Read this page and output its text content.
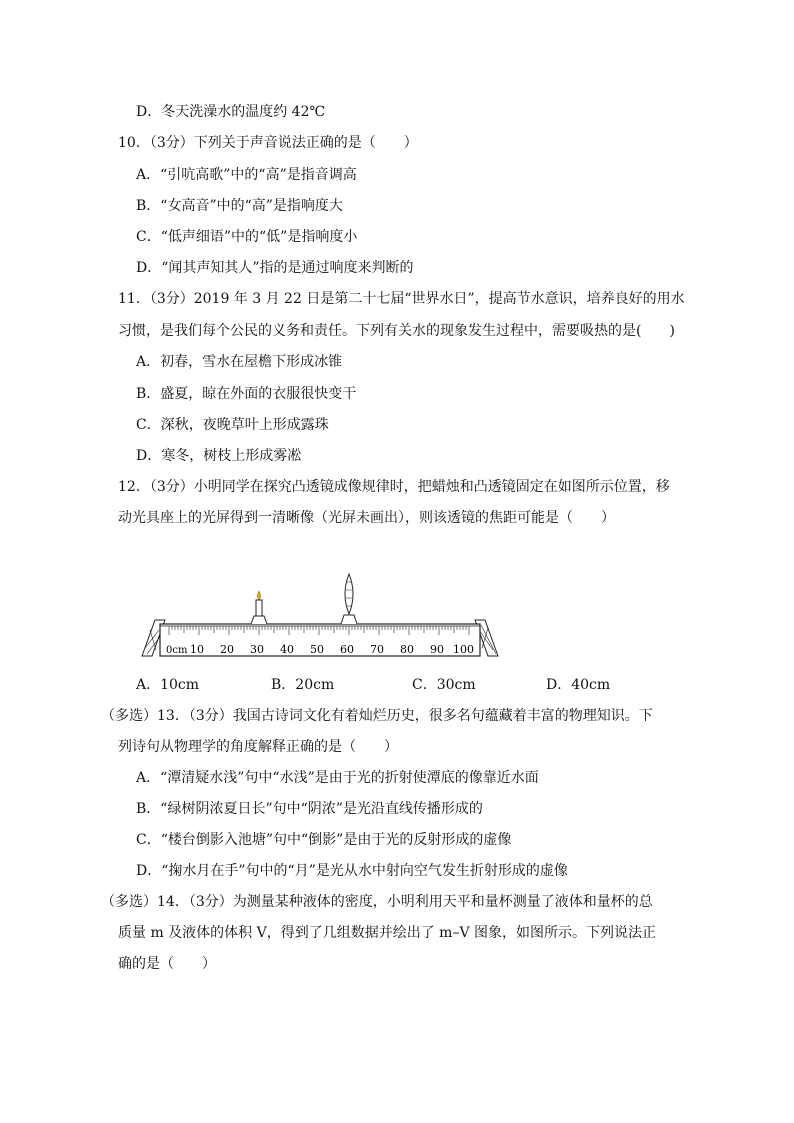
D．冬天洗澡水的温度约 42℃
10．（3分）下列关于声音说法正确的是（　　）
A．“引吭高歌”中的“高”是指音调高
B．“女高音”中的“高”是指响度大
C．“低声细语”中的“低”是指响度小
D．“闻其声知其人”指的是通过响度来判断的
11．（3分）2019 年 3 月 22 日是第二十七届“世界水日”，提高节水意识，培养良好的用水
习惯，是我们每个公民的义务和责任。下列有关水的现象发生过程中，需要吸热的是(　　)
A．初春，雪水在屋檐下形成冰锥
B．盛夏，晾在外面的衣服很快变干
C．深秋，夜晚草叶上形成露珠
D．寒冬，树枝上形成雾凇
12．（3分）小明同学在探究凸透镜成像规律时，把蜡烛和凸透镜固定在如图所示位置，移
动光具座上的光屏得到一清晰像（光屏未画出），则该透镜的焦距可能是（　　）
0cm 10 20 30 40 50 60 70 80 90 100
A．10cm	B．20cm	C．30cm	D．40cm
（多选）13．（3分）我国古诗词文化有着灿烂历史，很多名句蕴藏着丰富的物理知识。下
列诗句从物理学的角度解释正确的是（　　）
A．“潭清疑水浅”句中“水浅”是由于光的折射使潭底的像靠近水面
B．“绿树阴浓夏日长”句中“阴浓”是光沿直线传播形成的
C．“楼台倒影入池塘”句中“倒影”是由于光的反射形成的虚像
D．“掬水月在手”句中的“月”是光从水中射向空气发生折射形成的虚像
（多选）14．（3分）为测量某种液体的密度，小明利用天平和量杯测量了液体和量杯的总
质量 m 及液体的体积 V，得到了几组数据并绘出了 m–V 图象，如图所示。下列说法正
确的是（　　）
